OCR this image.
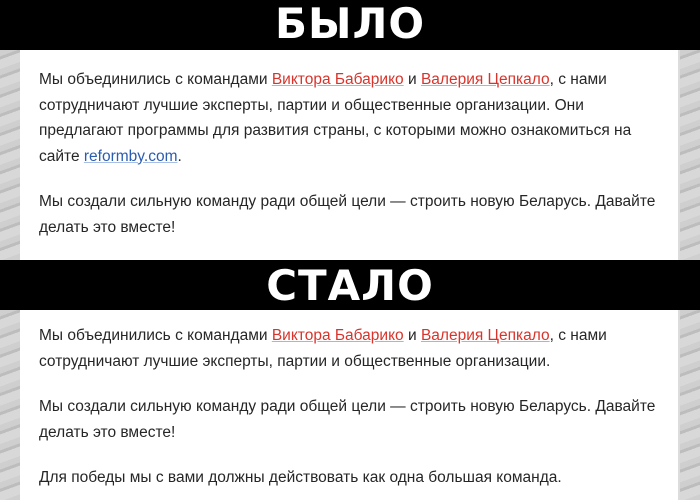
БЫЛО

Мы объединились с командами Виктора Бабарико и Валерия Цепкало, с нами сотрудничают лучшие эксперты, партии и общественные организации. Они предлагают программы для развития страны, с которыми можно ознакомиться на сайте reformby.com.

Мы создали сильную команду ради общей цели — строить новую Беларусь. Давайте делать это вместе!

СТАЛО

Мы объединились с командами Виктора Бабарико и Валерия Цепкало, с нами сотрудничают лучшие эксперты, партии и общественные организации.

Мы создали сильную команду ради общей цели — строить новую Беларусь. Давайте делать это вместе!

Для победы мы с вами должны действовать как одна большая команда.
